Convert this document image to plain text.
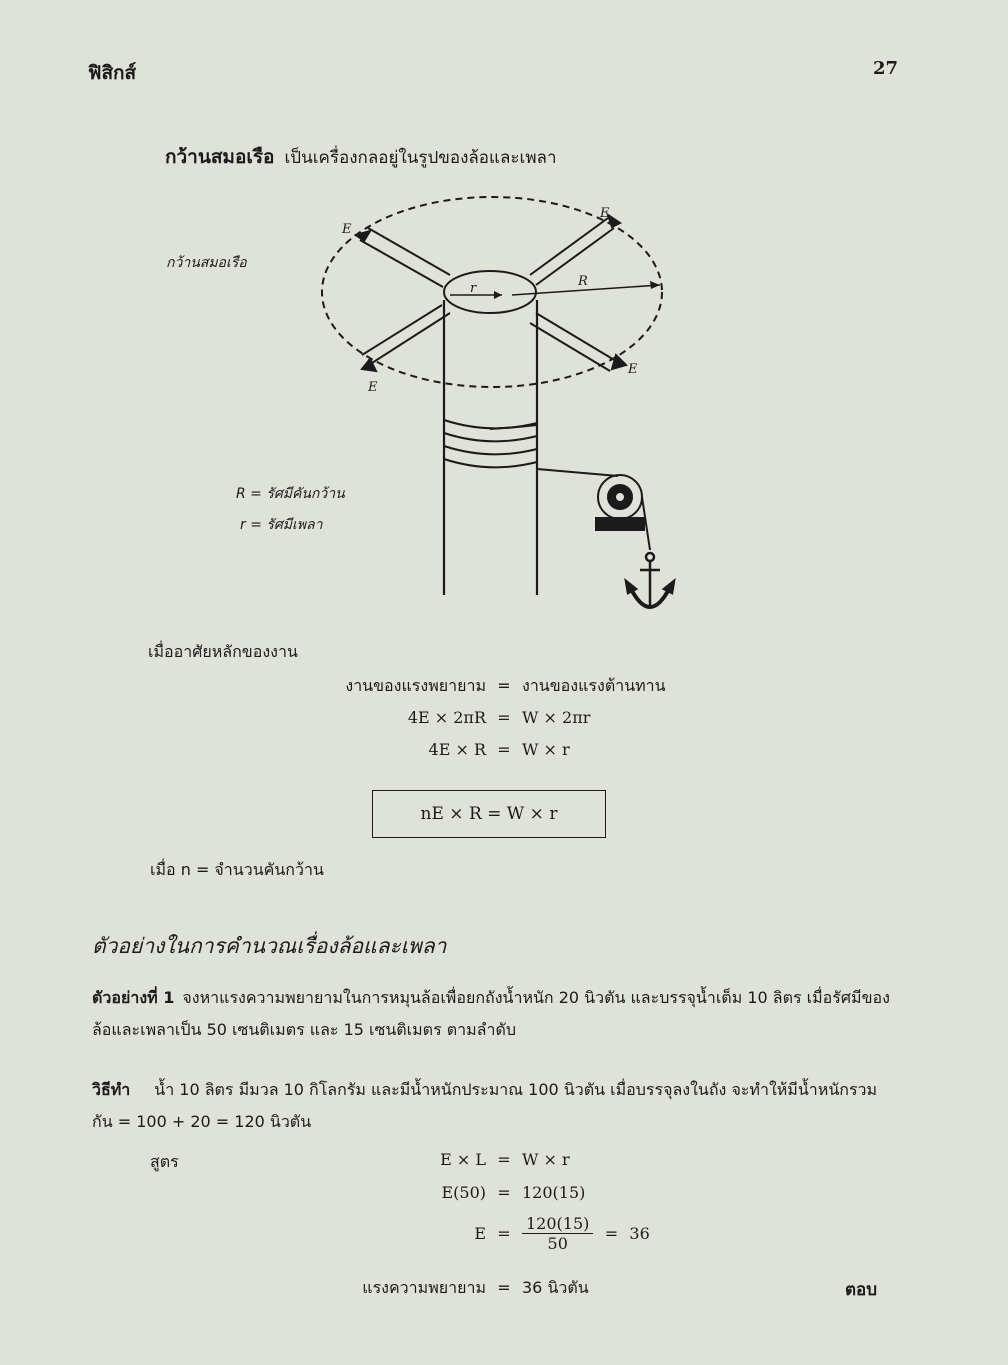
ฟิสิกส์	27
กว้านสมอเรือ เป็นเครื่องกลอยู่ในรูปของล้อและเพลา
กว้านสมอเรือ
E
E
E
E
R
r
R = รัศมีคันกว้าน
r = รัศมีเพลา
เมื่ออาศัยหลักของงาน
งานของแรงพยายาม = งานของแรงต้านทาน
4E × 2πR = W × 2πr
4E × R = W × r
nE × R = W × r
เมื่อ n = จำนวนคันกว้าน
ตัวอย่างในการคำนวณเรื่องล้อและเพลา
ตัวอย่างที่ 1 จงหาแรงความพยายามในการหมุนล้อเพื่อยกถังน้ำหนัก 20 นิวตัน และบรรจุน้ำเต็ม 10 ลิตร เมื่อรัศมีของล้อและเพลาเป็น 50 เซนติเมตร และ 15 เซนติเมตร ตามลำดับ
วิธีทำ น้ำ 10 ลิตร มีมวล 10 กิโลกรัม และมีน้ำหนักประมาณ 100 นิวตัน เมื่อบรรจุลงในถัง จะทำให้มีน้ำหนักรวมกัน = 100 + 20 = 120 นิวตัน
สูตร	E × L = W × r
E(50) = 120(15)
$E = \frac{120(15)}{50} = 36$
แรงความพยายาม = 36 นิวตัน	ตอบ
